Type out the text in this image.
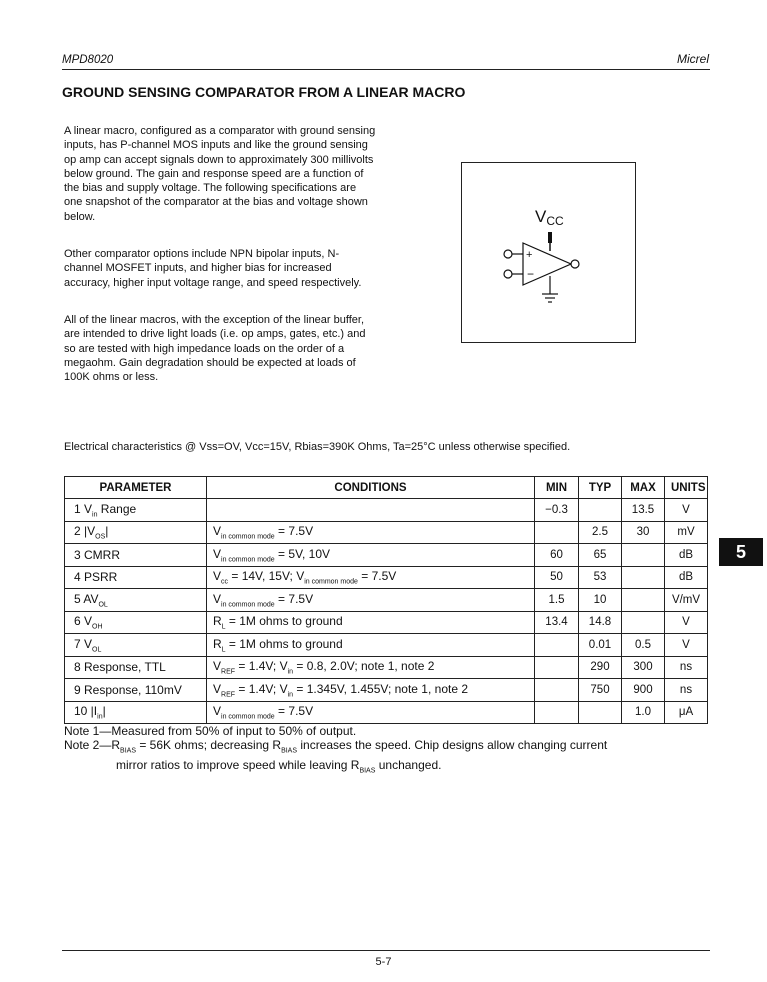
MPD8020	Micrel
GROUND SENSING COMPARATOR FROM A LINEAR MACRO
A linear macro, configured as a comparator with ground sensing inputs, has P-channel MOS inputs and like the ground sensing op amp can accept signals down to approximately 300 millivolts below ground. The gain and response speed are a function of the bias and supply voltage. The following specifications are one snapshot of the comparator at the bias and voltage shown below.
Other comparator options include NPN bipolar inputs, N-channel MOSFET inputs, and higher bias for increased accuracy, higher input voltage range, and speed respectively.
All of the linear macros, with the exception of the linear buffer, are intended to drive light loads (i.e. op amps, gates, etc.) and so are tested with high impedance loads on the order of a megaohm. Gain degradation should be expected at loads of 100K ohms or less.
VCC
+
−
Electrical characteristics @ Vss=OV, Vcc=15V, Rbias=390K Ohms, Ta=25°C unless otherwise specified.
PARAMETER	CONDITIONS	MIN	TYP	MAX	UNITS
1 $V_{in}$ Range		−0.3		13.5	V
2 $|V_{OS}|$	$V_{in common mode} = 7.5V$		2.5	30	mV
3 CMRR	$V_{in common mode} = 5V$, 10V	60	65		dB
4 PSRR	$V_{cc} = 14V$, 15V; $V_{in common mode} = 7.5V$	50	53		dB
5 $AV_{OL}$	$V_{in common mode} = 7.5V$	1.5	10		V/mV
6 $V_{OH}$	$R_L = 1M$ ohms to ground	13.4	14.8		V
7 $V_{OL}$	$R_L = 1M$ ohms to ground		0.01	0.5	V
8 Response, TTL	$V_{REF} = 1.4V$; $V_{in} = 0.8$, 2.0V; note 1, note 2		290	300	ns
9 Response, 110mV	$V_{REF} = 1.4V$; $V_{in} = 1.345V$, 1.455V; note 1, note 2		750	900	ns
10 $|I_{in}|$	$V_{in common mode} = 7.5V$			1.0	μA
5
Note 1—Measured from 50% of input to 50% of output.
Note $2—R_{BIAS} = 56K$ ohms; decreasing $R_{BIAS}$ increases the speed. Chip designs allow changing current
mirror ratios to improve speed while leaving $R_{BIAS}$ unchanged.
5-7
